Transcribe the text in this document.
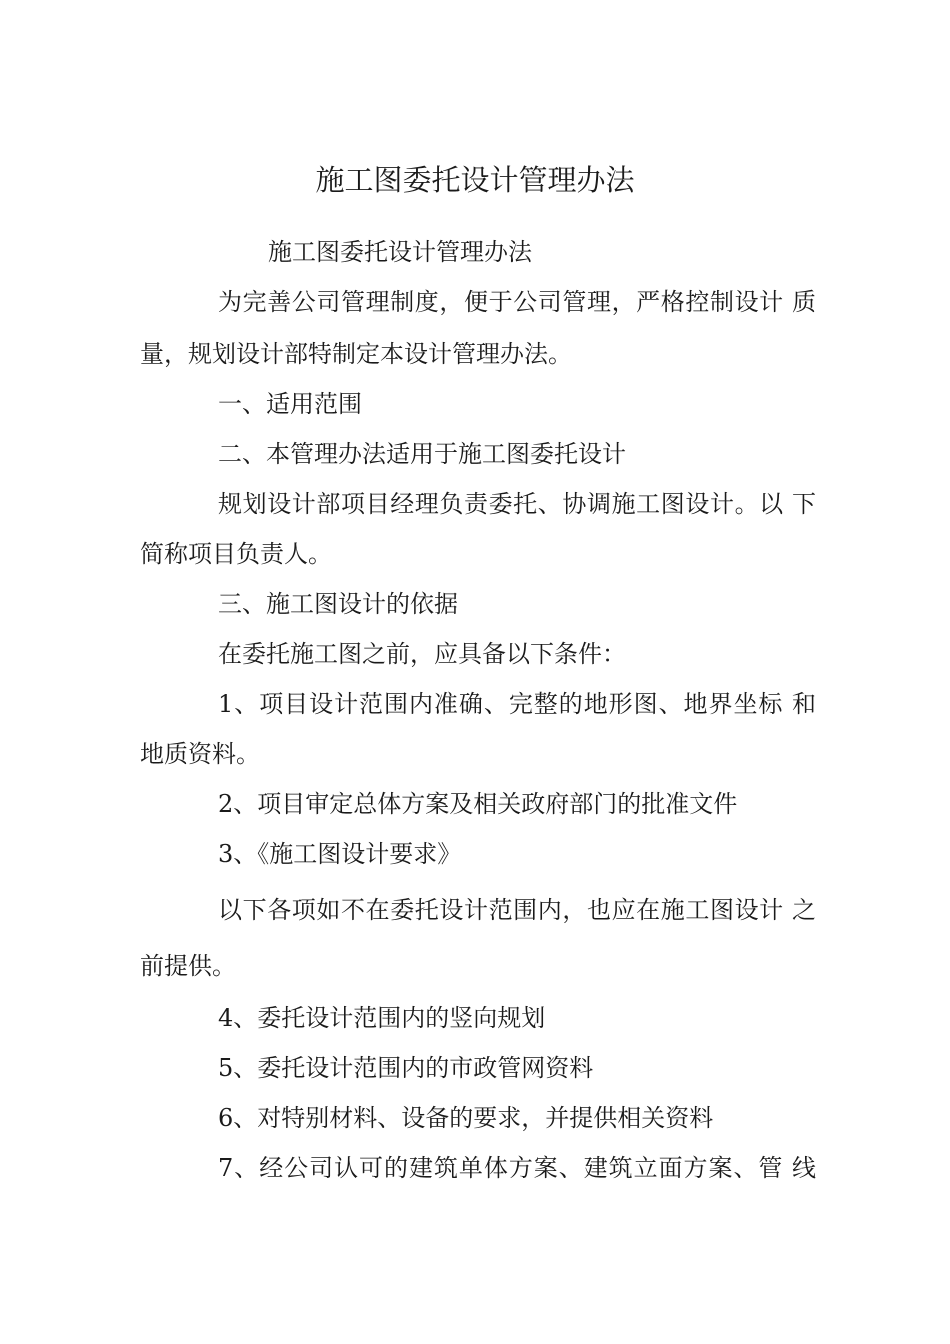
施工图委托设计管理办法
施工图委托设计管理办法
为完善公司管理制度，便于公司管理，严格控制设计 质
量，规划设计部特制定本设计管理办法。
一、适用范围
二、本管理办法适用于施工图委托设计
规划设计部项目经理负责委托、协调施工图设计。以 下
简称项目负责人。
三、施工图设计的依据
在委托施工图之前，应具备以下条件：
1、项目设计范围内准确、完整的地形图、地界坐标 和
地质资料。
2、项目审定总体方案及相关政府部门的批准文件
3、《施工图设计要求》
以下各项如不在委托设计范围内，也应在施工图设计 之
前提供。
4、委托设计范围内的竖向规划
5、委托设计范围内的市政管网资料
6、对特别材料、设备的要求，并提供相关资料
7、经公司认可的建筑单体方案、建筑立面方案、管 线
